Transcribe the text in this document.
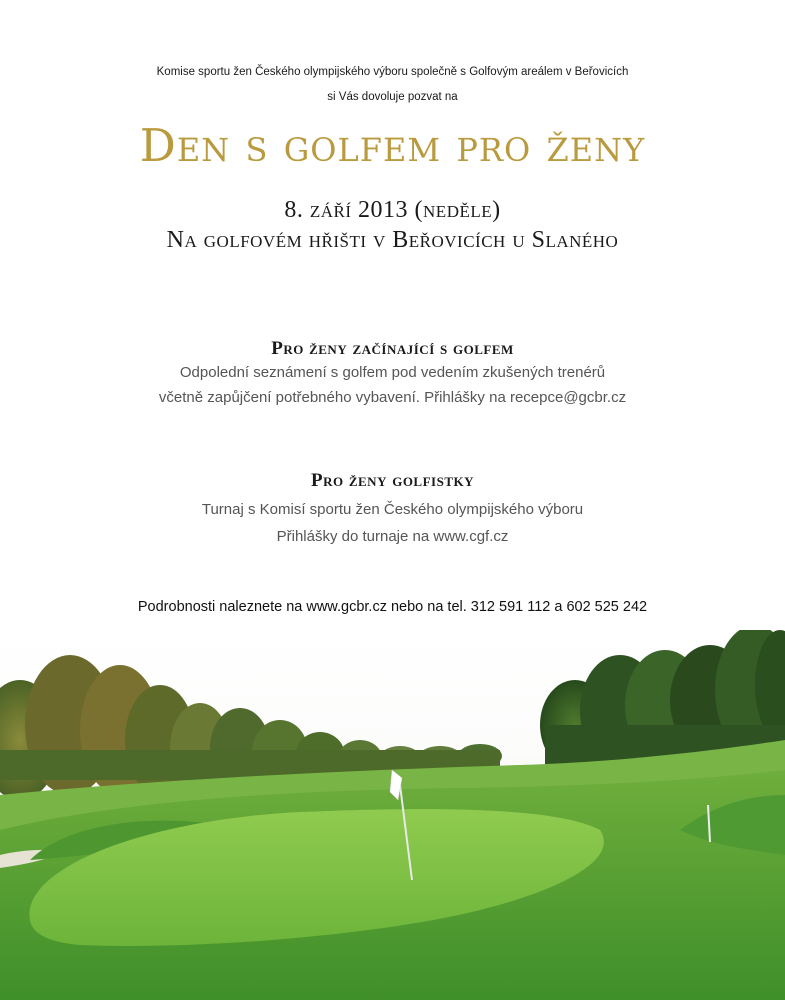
Komise sportu žen Českého olympijského výboru společně s Golfovým areálem v Beřovicích
si Vás dovoluje pozvat na
Den s golfem pro ženy
8. září 2013 (neděle)
Na golfovém hřišti v Beřovicích u Slaného
Pro ženy začínající s golfem
Odpolední seznámení s golfem pod vedením zkušených trenérů
včetně zapůjčení potřebného vybavení. Přihlášky na recepce@gcbr.cz
Pro ženy golfistky
Turnaj s Komisí sportu žen Českého olympijského výboru
Přihlášky do turnaje na www.cgf.cz
Podrobnosti naleznete na www.gcbr.cz nebo na tel. 312 591 112 a 602 525 242
